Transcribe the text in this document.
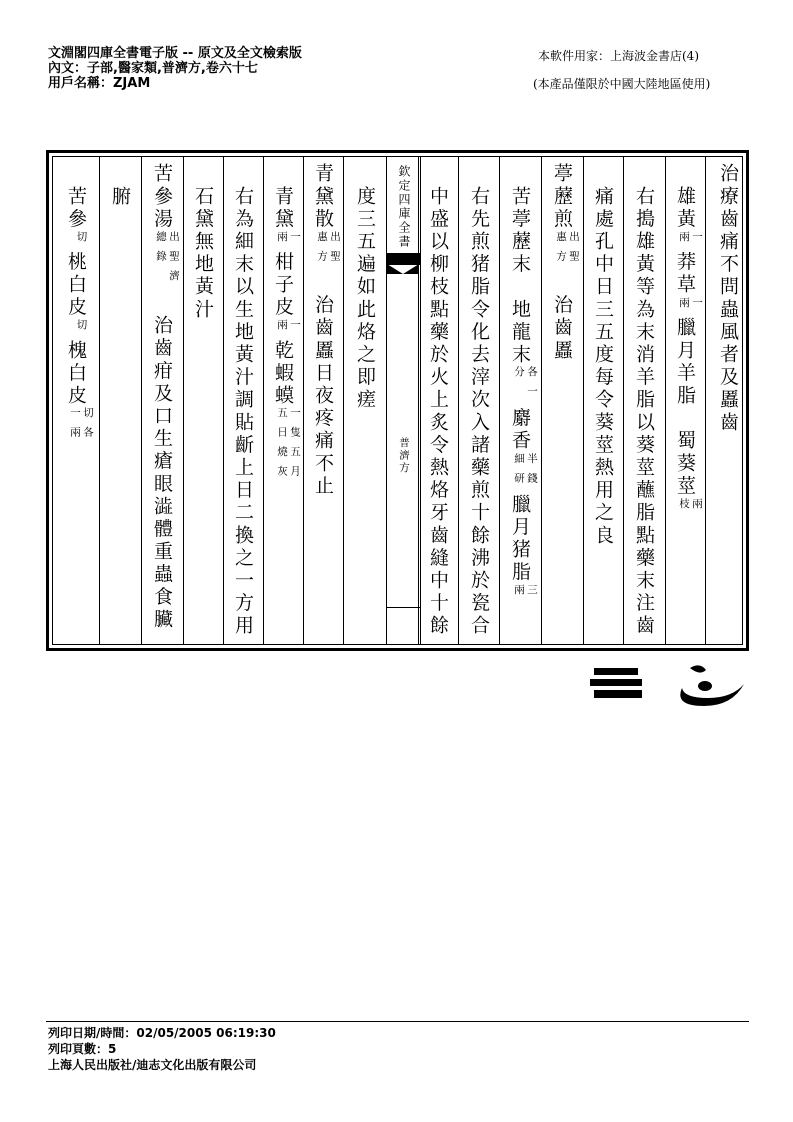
文淵閣四庫全書電子版 -- 原文及全文檢索版
內文：子部,醫家類,普濟方,卷六十七
用戶名稱：ZJAM
本軟件用家：上海波金書店(4)
(本產品僅限於中國大陸地區使用)
欽定四庫全書
普濟方
治療齒痛不問蟲風者及䘌齒
　雄黃一兩莽草一兩臘月羊脂　蜀葵莖兩枝
　右搗雄黃等為末消羊脂以葵莖蘸脂點藥末注齒
　痛處孔中日三五度每令葵莖熱用之良
葶藶煎出聖惠方　治齒䘌
　苦葶藶末　地龍末各一分麝香半錢細研臘月猪脂三兩
　右先煎猪脂令化去滓次入諸藥煎十餘沸於瓷合
　中盛以柳枝點藥於火上炙令熱烙牙齒縫中十餘
　度三五遍如此烙之即瘥
青黛散出聖惠方　治齒䘌日夜疼痛不止
　青黛一兩柑子皮一兩乾蝦蟆一隻五月五日燒灰
　右為細末以生地黃汁調貼齗上日二換之一方用
　石黛無地黃汁
苦參湯出聖濟總錄　治齒疳及口生瘡眼澁體重蟲食臟
　腑
　苦參切桃白皮切槐白皮切各一兩
列印日期/時間：02/05/2005 06:19:30
列印頁數：5
上海人民出版社/迪志文化出版有限公司
